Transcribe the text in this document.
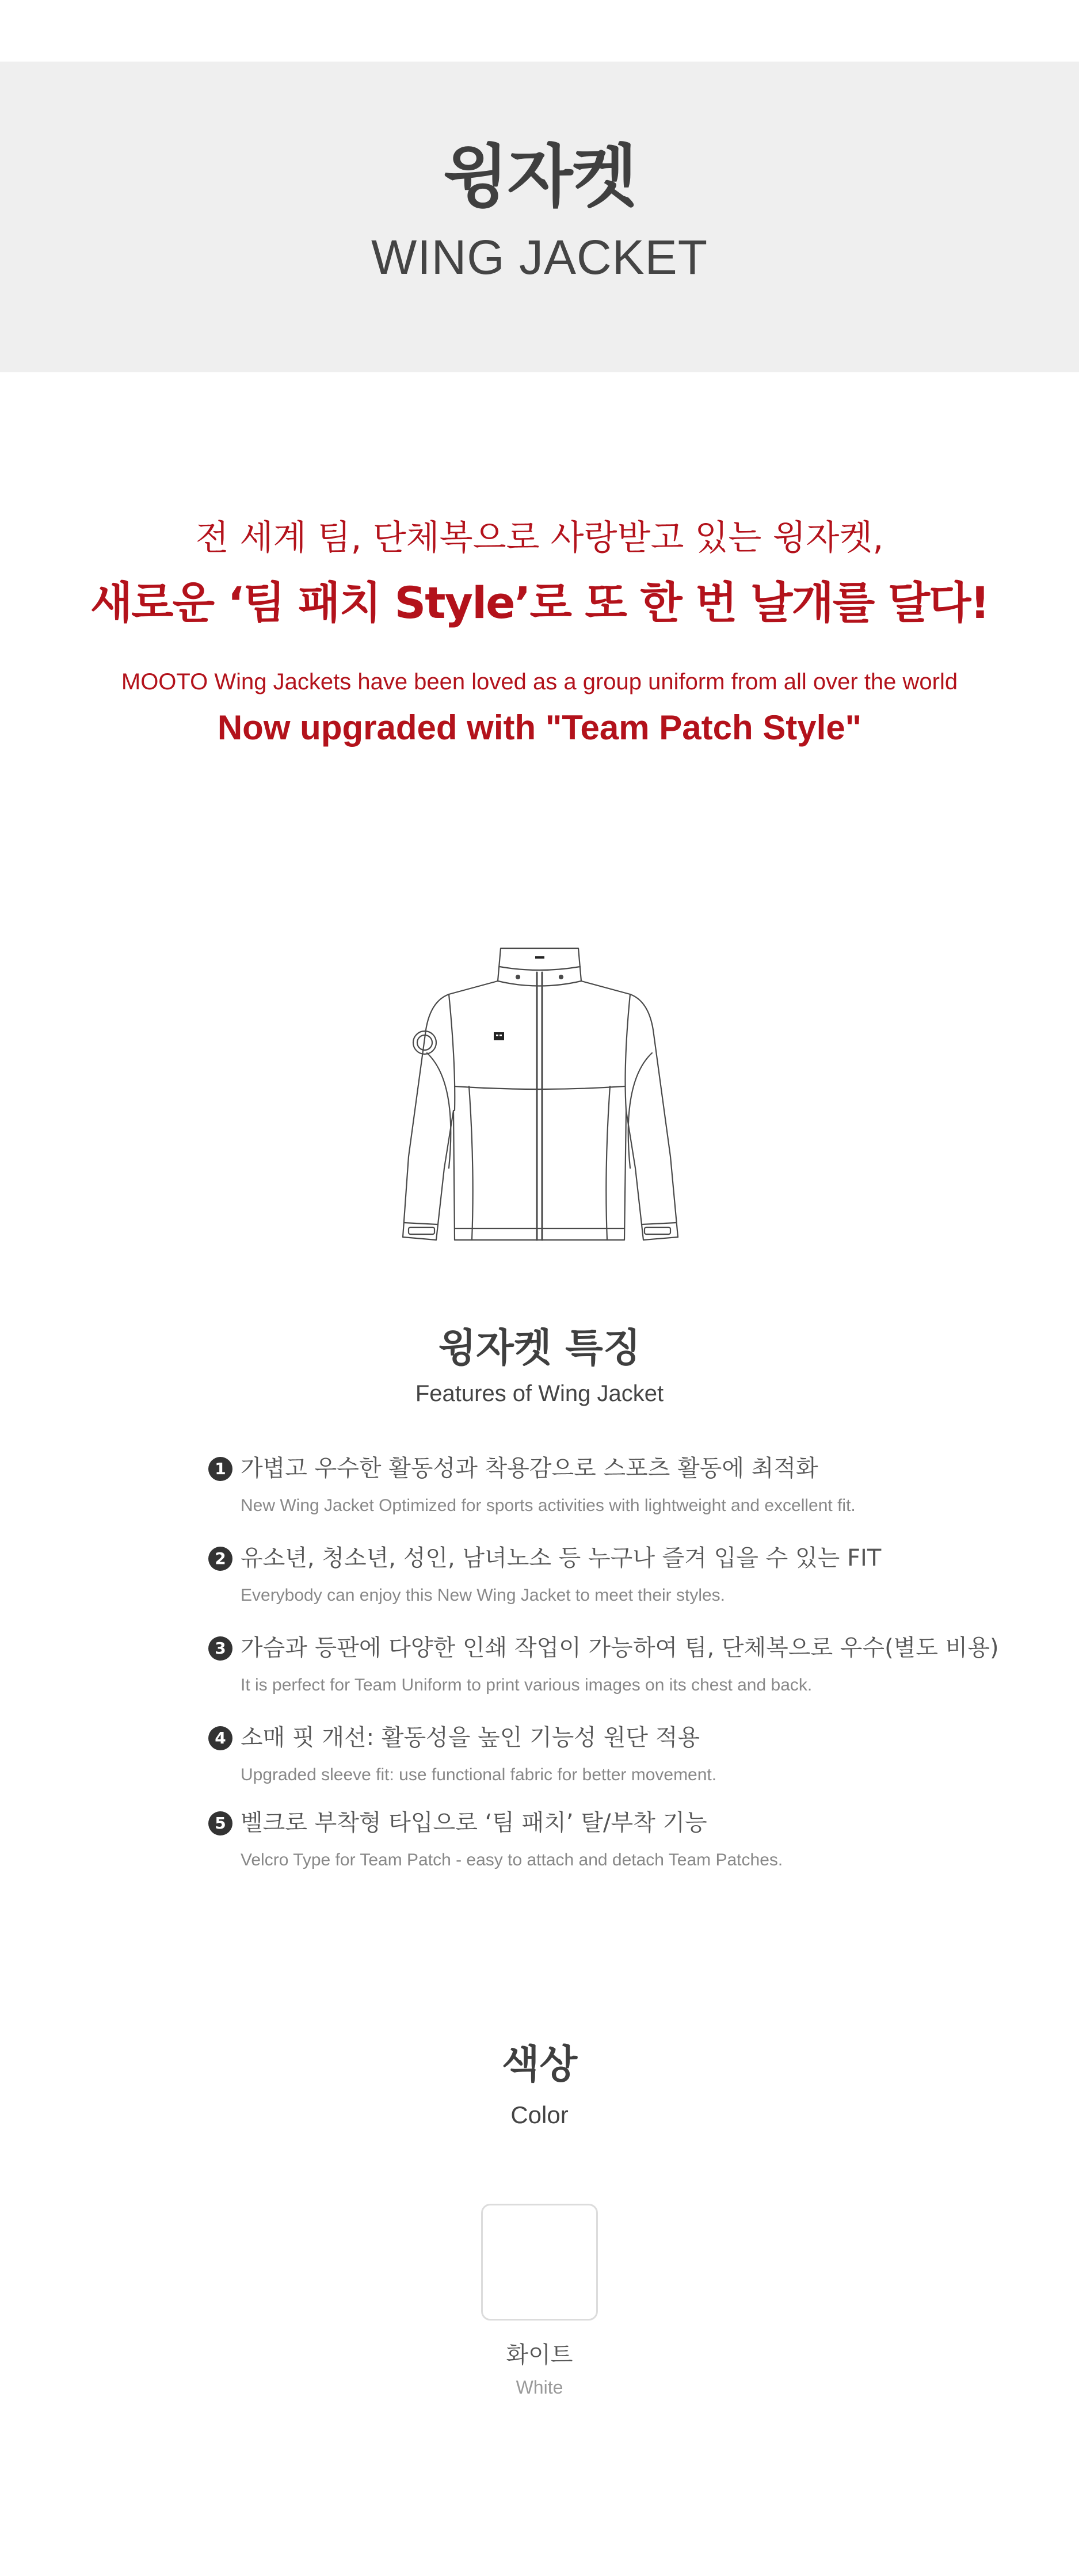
윙자켓
WING JACKET
전 세계 팀, 단체복으로 사랑받고 있는 윙자켓,
새로운 ‘팀 패치 Style’로 또 한 번 날개를 달다!
MOOTO Wing Jackets have been loved as a group uniform from all over the world
Now upgraded with "Team Patch Style"
윙자켓 특징
Features of Wing Jacket
1 가볍고 우수한 활동성과 착용감으로 스포츠 활동에 최적화
New Wing Jacket Optimized for sports activities with lightweight and excellent fit.
2 유소년, 청소년, 성인, 남녀노소 등 누구나 즐겨 입을 수 있는 FIT
Everybody can enjoy this New Wing Jacket to meet their styles.
3 가슴과 등판에 다양한 인쇄 작업이 가능하여 팀, 단체복으로 우수(별도 비용)
It is perfect for Team Uniform to print various images on its chest and back.
4 소매 핏 개선: 활동성을 높인 기능성 원단 적용
Upgraded sleeve fit: use functional fabric for better movement.
5 벨크로 부착형 타입으로 ‘팀 패치’ 탈/부착 기능
Velcro Type for Team Patch - easy to attach and detach Team Patches.
색상
Color
화이트
White
